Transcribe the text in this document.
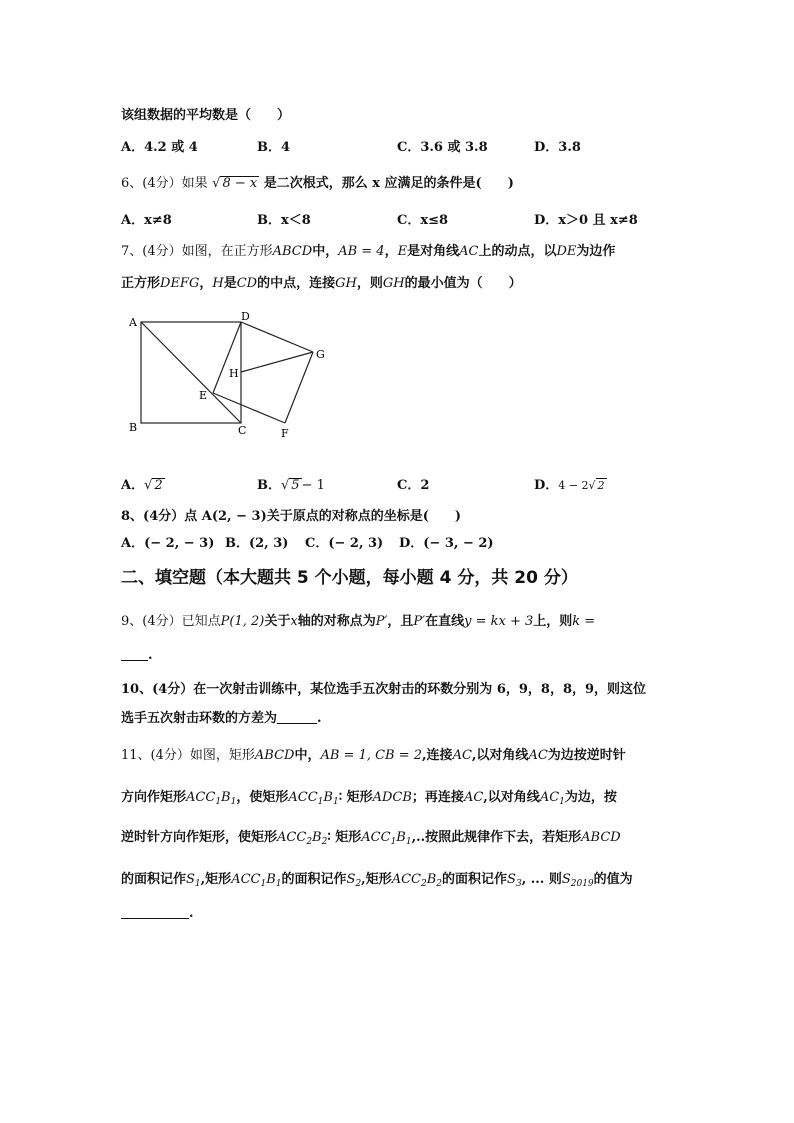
该组数据的平均数是（　　）
A．4.2 或 4	B．4	C．3.6 或 3.8	D．3.8
6、(4分）如果 √ 8 − x 是二次根式，那么 x 应满足的条件是(　　)
A．x≠8	B．x＜8	C．x≤8	D．x＞0 且 x≠8
7、(4分）如图，在正方形ABCD中，AB = 4，E是对角线AC上的动点，以DE为边作
正方形DEFG，H是CD的中点，连接GH，则GH的最小值为（　　）
A
B	C
D
E
F
G
H
A．√ 2	B．√ 5 − 1	C．2	D．4 − 2√ 2
8、(4分）点 A(2, − 3)关于原点的对称点的坐标是(　　)
A．(− 2, − 3) B．(2, 3) C．(− 2, 3) D．(− 3, − 2)
二、填空题（本大题共 5 个小题，每小题 4 分，共 20 分）
9、(4分）已知点P(1, 2)关于x轴的对称点为P′，且P′在直线y = kx + 3上，则k =
.
10、(4分）在一次射击训练中，某位选手五次射击的环数分别为 6，9，8，8，9，则这位
选手五次射击环数的方差为	.
11、(4分）如图，矩形ABCD中，AB = 1, CB = 2,连接AC,以对角线AC为边按逆时针
方向作矩形$ACC_1B_1$，使矩形$ACC_1B_1∶$ 矩形ADCB；再连接AC,以对角线$AC_1$为边，按
逆时针方向作矩形，使矩形$ACC_2B_2∶$ 矩形$ACC_1B_1$,..按照此规律作下去，若矩形ABCD
的面积记作$S_1$,矩形$ACC_1B_1$的面积记作$S_2$,矩形$ACC_2B_2$的面积记作$S_3$, ... 则$S_{2019}$的值为
.
